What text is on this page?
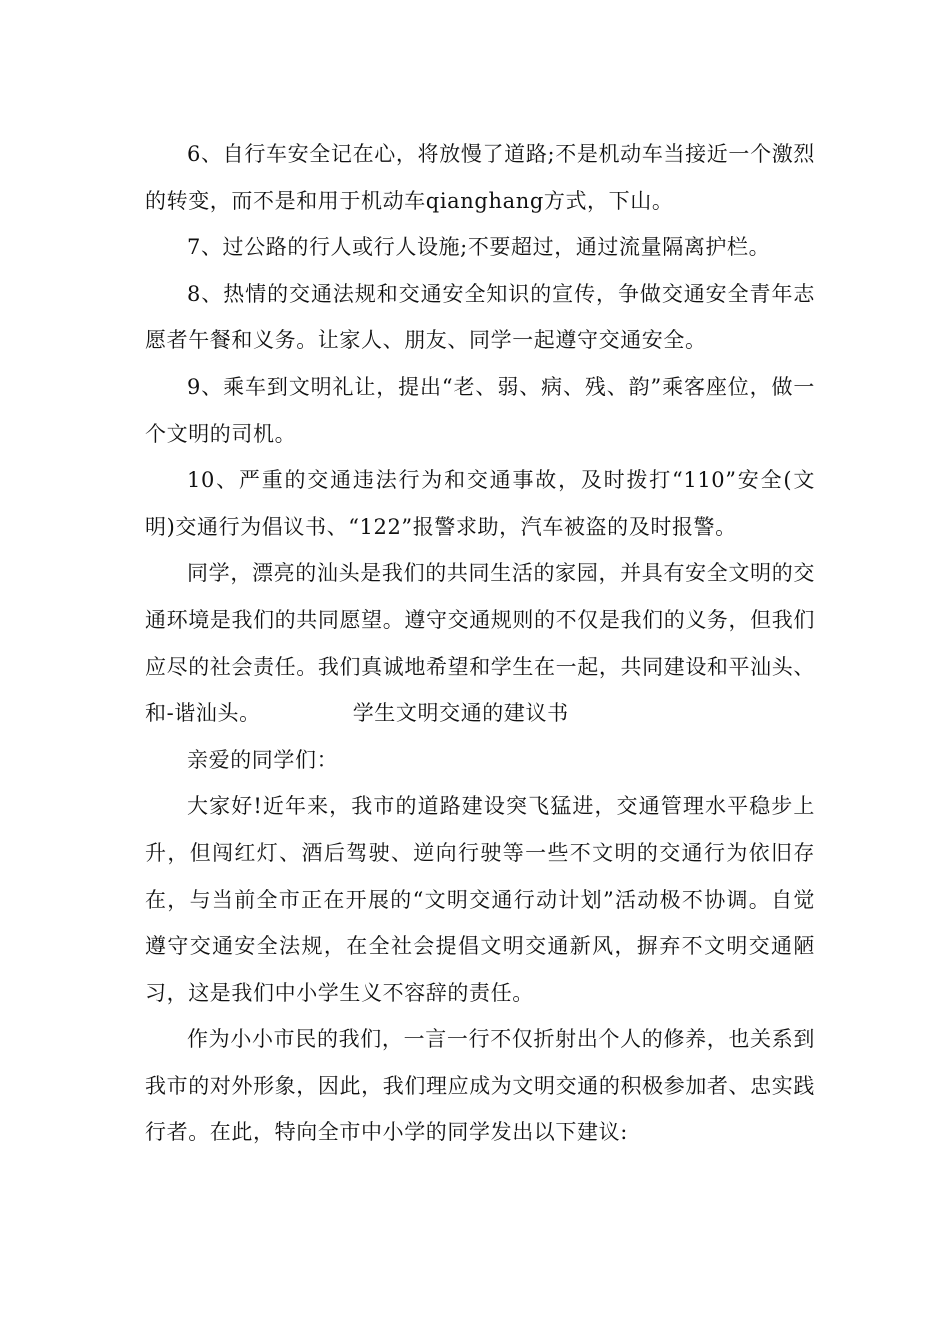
6、自行车安全记在心，将放慢了道路;不是机动车当接近一个激烈的转变，而不是和用于机动车qianghang方式，下山。

7、过公路的行人或行人设施;不要超过，通过流量隔离护栏。

8、热情的交通法规和交通安全知识的宣传，争做交通安全青年志愿者午餐和义务。让家人、朋友、同学一起遵守交通安全。

9、乘车到文明礼让，提出“老、弱、病、残、韵”乘客座位，做一个文明的司机。

10、严重的交通违法行为和交通事故，及时拨打“110”安全(文明)交通行为倡议书、“122”报警求助，汽车被盗的及时报警。

同学，漂亮的汕头是我们的共同生活的家园，并具有安全文明的交通环境是我们的共同愿望。遵守交通规则的不仅是我们的义务，但我们应尽的社会责任。我们真诚地希望和学生在一起，共同建设和平汕头、和-谐汕头。	学生文明交通的建议书

亲爱的同学们：

大家好!近年来，我市的道路建设突飞猛进，交通管理水平稳步上升，但闯红灯、酒后驾驶、逆向行驶等一些不文明的交通行为依旧存在，与当前全市正在开展的“文明交通行动计划”活动极不协调。自觉遵守交通安全法规，在全社会提倡文明交通新风，摒弃不文明交通陋习，这是我们中小学生义不容辞的责任。

作为小小市民的我们，一言一行不仅折射出个人的修养，也关系到我市的对外形象，因此，我们理应成为文明交通的积极参加者、忠实践行者。在此，特向全市中小学的同学发出以下建议:
